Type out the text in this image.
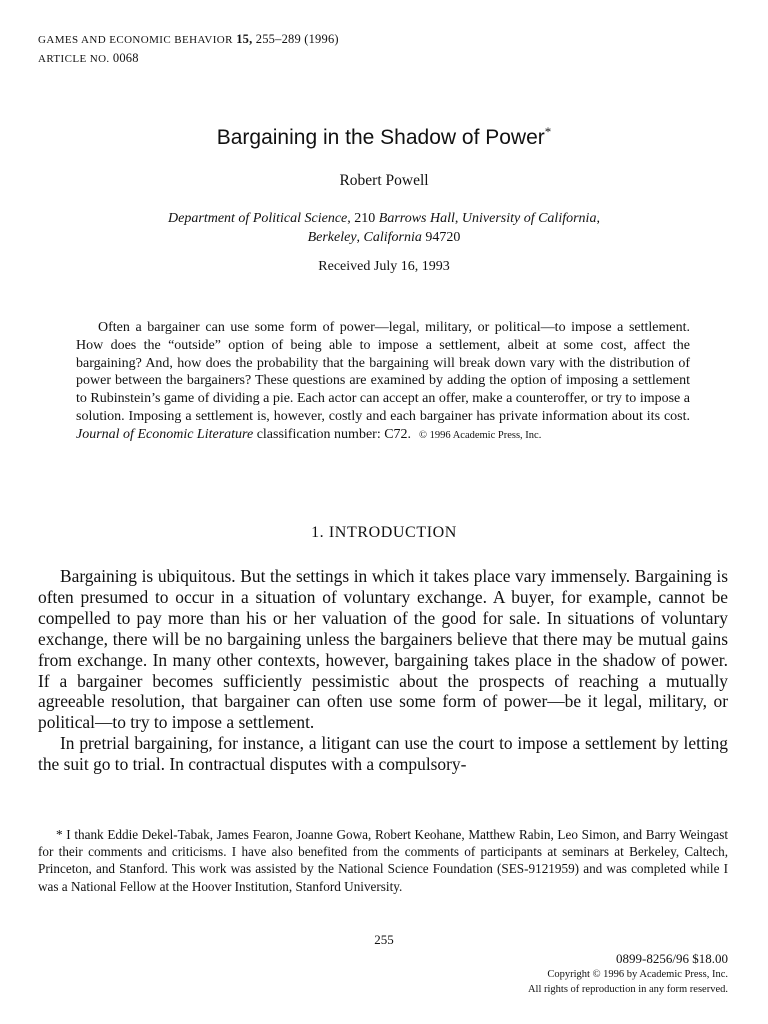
GAMES AND ECONOMIC BEHAVIOR 15, 255–289 (1996)
ARTICLE NO. 0068
Bargaining in the Shadow of Power*
Robert Powell
Department of Political Science, 210 Barrows Hall, University of California,
Berkeley, California 94720
Received July 16, 1993
Often a bargainer can use some form of power—legal, military, or political—to impose a settlement. How does the “outside” option of being able to impose a settlement, albeit at some cost, affect the bargaining? And, how does the probability that the bargaining will break down vary with the distribution of power between the bargainers? These questions are examined by adding the option of imposing a settlement to Rubinstein’s game of dividing a pie. Each actor can accept an offer, make a counteroffer, or try to impose a solution. Imposing a settlement is, however, costly and each bargainer has private information about its cost. Journal of Economic Literature classification number: C72. © 1996 Academic Press, Inc.
1. INTRODUCTION

Bargaining is ubiquitous. But the settings in which it takes place vary immensely. Bargaining is often presumed to occur in a situation of voluntary exchange. A buyer, for example, cannot be compelled to pay more than his or her valuation of the good for sale. In situations of voluntary exchange, there will be no bargaining unless the bargainers believe that there may be mutual gains from exchange. In many other contexts, however, bargaining takes place in the shadow of power. If a bargainer becomes sufficiently pessimistic about the prospects of reaching a mutually agreeable resolution, that bargainer can often use some form of power—be it legal, military, or political—to try to impose a settlement.

In pretrial bargaining, for instance, a litigant can use the court to impose a settlement by letting the suit go to trial. In contractual disputes with a compulsory-

* I thank Eddie Dekel-Tabak, James Fearon, Joanne Gowa, Robert Keohane, Matthew Rabin, Leo Simon, and Barry Weingast for their comments and criticisms. I have also benefited from the comments of participants at seminars at Berkeley, Caltech, Princeton, and Stanford. This work was assisted by the National Science Foundation (SES-9121959) and was completed while I was a National Fellow at the Hoover Institution, Stanford University.
255
0899-8256/96 $18.00
Copyright © 1996 by Academic Press, Inc.
All rights of reproduction in any form reserved.
